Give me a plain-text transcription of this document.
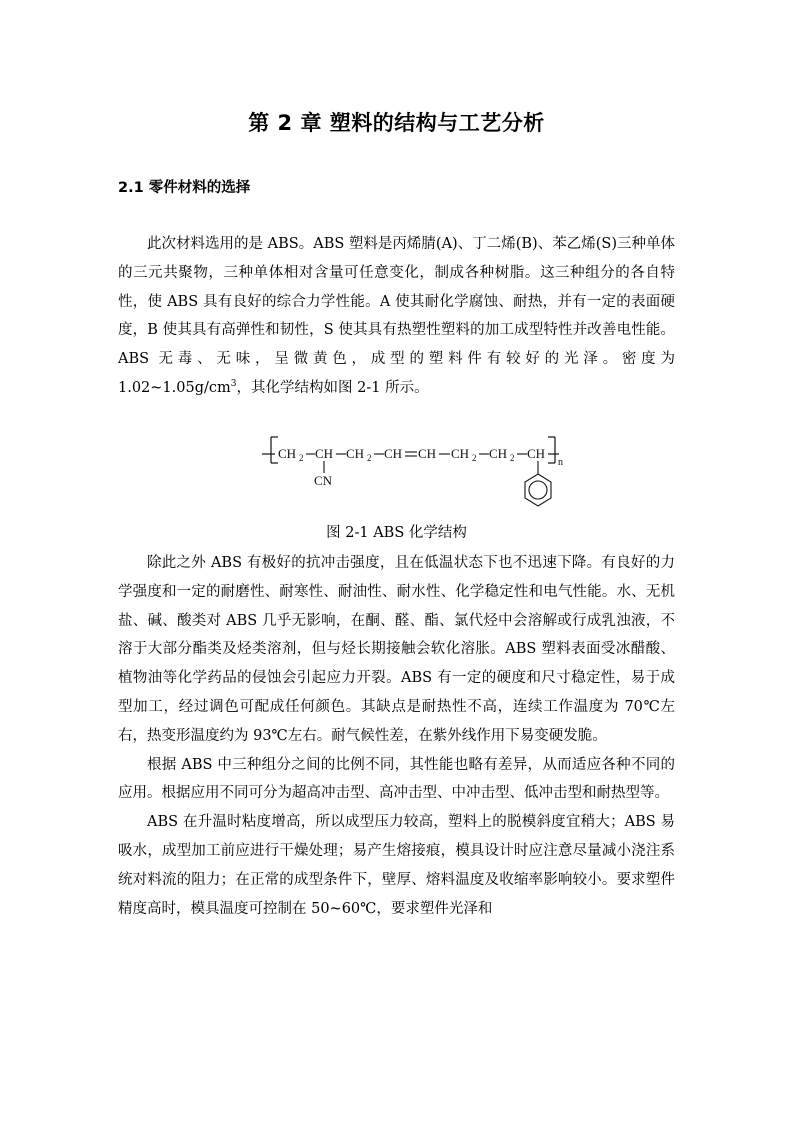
第 2 章 塑料的结构与工艺分析
2.1 零件材料的选择

此次材料选用的是 ABS。ABS 塑料是丙烯腈(A)、丁二烯(B)、苯乙烯(S)三种单体的三元共聚物，三种单体相对含量可任意变化，制成各种树脂。这三种组分的各自特性，使 ABS 具有良好的综合力学性能。A 使其耐化学腐蚀、耐热，并有一定的表面硬度，B 使其具有高弹性和韧性，S 使其具有热塑性塑料的加工成型特性并改善电性能。ABS 无毒、无味，呈微黄色，成型的塑料件有较好的光泽。密度为 $1.02\sim 1.05g/cm^3$，其化学结构如图 2-1 所示。

CH 2 CH
CN
CH 2 CH CH CH 2 CH 2 CH
n

图 2-1 ABS 化学结构

除此之外 ABS 有极好的抗冲击强度，且在低温状态下也不迅速下降。有良好的力学强度和一定的耐磨性、耐寒性、耐油性、耐水性、化学稳定性和电气性能。水、无机盐、碱、酸类对 ABS 几乎无影响，在酮、醛、酯、氯代烃中会溶解或行成乳浊液，不溶于大部分酯类及烃类溶剂，但与烃长期接触会软化溶胀。ABS 塑料表面受冰醋酸、植物油等化学药品的侵蚀会引起应力开裂。ABS 有一定的硬度和尺寸稳定性，易于成型加工，经过调色可配成任何颜色。其缺点是耐热性不高，连续工作温度为 70℃左右，热变形温度约为 93℃左右。耐气候性差，在紫外线作用下易变硬发脆。

根据 ABS 中三种组分之间的比例不同，其性能也略有差异，从而适应各种不同的应用。根据应用不同可分为超高冲击型、高冲击型、中冲击型、低冲击型和耐热型等。

ABS 在升温时粘度增高，所以成型压力较高，塑料上的脱模斜度宜稍大；ABS 易吸水，成型加工前应进行干燥处理；易产生熔接痕，模具设计时应注意尽量减小浇注系统对料流的阻力；在正常的成型条件下，壁厚、熔料温度及收缩率影响较小。要求塑件精度高时，模具温度可控制在 50~60℃，要求塑件光泽和
